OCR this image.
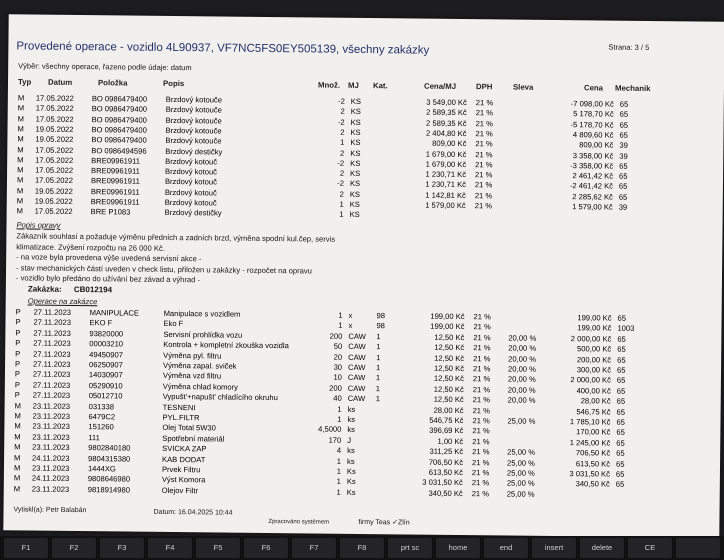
Provedené operace - vozidlo 4L90937, VF7NC5FS0EY505139, všechny zakázky	Strana: 3 / 5
Výběr: všechny operace, řazeno podle údaje: datum
Typ Datum	Položka	Popis	Množ. MJ Kat.	Cena/MJ	DPH	Sleva	Cena Mechanik
M 17.05.2022 BO 0986479400 Brzdový kotouče	-2 KS	3 549,00 Kč 21 %	-7 098,00 Kč 65
M 17.05.2022 BO 0986479400 Brzdový kotouče	2 KS	2 589,35 Kč 21 %	5 178,70 Kč 65
M 17.05.2022 BO 0986479400 Brzdový kotouče	-2 KS	2 589,35 Kč 21 %	-5 178,70 Kč 65
M 19.05.2022 BO 0986479400 Brzdový kotouče	2 KS	2 404,80 Kč 21 %	4 809,60 Kč 65
M 19.05.2022 BO 0986479400 Brzdový kotouče	1 KS	809,00 Kč 21 %	809,00 Kč 39
M 17.05.2022 BO 0986494596 Brzdový destičky	2 KS	1 679,00 Kč 21 %	3 358,00 Kč 39
M 17.05.2022 BRE09961911	Brzdový kotouč	-2 KS	1 679,00 Kč 21 %	-3 358,00 Kč 65
M 17.05.2022 BRE09961911	Brzdový kotouč	2 KS	1 230,71 Kč 21 %	2 461,42 Kč 65
M 17.05.2022 BRE09961911	Brzdový kotouč	-2 KS	1 230,71 Kč 21 %	-2 461,42 Kč 65
M 19.05.2022 BRE09961911	Brzdový kotouč	2 KS	1 142,81 Kč 21 %	2 285,62 Kč 65
M 19.05.2022 BRE09961911	Brzdový kotouč	1 KS	1 579,00 Kč 21 %	1 579,00 Kč 39
M 17.05.2022 BRE P1083	Brzdový destičky	1 KS
Popis opravy
Zákazník souhlasí a požaduje výměnu předních a zadních brzd, výměna spodní kul.čep, servis
klimatizace. Zvýšení rozpočtu na 26 000 Kč.
- na voze byla provedena výše uvedená servisní akce -
- stav mechanických částí uveden v check listu, přiložen u zakázky - rozpočet na opravu
- vozidlo bylo předáno do užívání bez závad a výhrad -
Zakázka: CB012194
Operace na zakázce
P 27.11.2023 MANIPULACE	Manipulace s vozidlem	1 x	98	199,00 Kč 21 %	199,00 Kč 65
P 27.11.2023 EKO F	Eko F	1 x	98	199,00 Kč 21 %	199,00 Kč 1003
P 27.11.2023 93820000	Servisní prohlídka vozu	200 CAW 1	12,50 Kč 21 % 20,00 %	2 000,00 Kč 65
P 27.11.2023 00003210	Kontrola + kompletní zkouška vozidla	50 CAW 1	12,50 Kč 21 % 20,00 %	500,00 Kč 65
P 27.11.2023 49450907	Výměna pyl. filtru	20 CAW 1	12,50 Kč 21 % 20,00 %	200,00 Kč 65
P 27.11.2023 06250907	Výměna zapal. sviček	30 CAW 1	12,50 Kč 21 % 20,00 %	300,00 Kč 65
P 27.11.2023 14030907	Výměna vzd filtru	10 CAW 1	12,50 Kč 21 % 20,00 %	2 000,00 Kč 65
P 27.11.2023 05290910	Výměna chlad komory	200 CAW 1	12,50 Kč 21 % 20,00 %	400,00 Kč 65
P 27.11.2023 05012710	Vypušt'+napušt' chladícího okruhu	40 CAW 1	12,50 Kč 21 % 20,00 %	28,00 Kč 65
M 23.11.2023 031338	TESNENI	1 ks	28,00 Kč 21 %	546,75 Kč 65
M 23.11.2023 6479C2	PYL.FILTR	1 ks	546,75 Kč 21 % 25,00 %	1 785,10 Kč 65
M 23.11.2023 151260	Olej Total 5W30	4,5000 ks	396,69 Kč 21 %	170,00 Kč 65
M 23.11.2023 111	Spotřební materiál	170 J	1,00 Kč 21 %	1 245,00 Kč 65
M 23.11.2023 9802840180	SVICKA ZAP	4 ks	311,25 Kč 21 % 25,00 %	706,50 Kč 65
M 24.11.2023 9804315380	KAB DODAT	1 ks	706,50 Kč 21 % 25,00 %	613,50 Kč 65
M 23.11.2023 1444XG	Prvek Filtru	1 Ks	613,50 Kč 21 % 25,00 %	3 031,50 Kč 65
M 24.11.2023 9808646980	Výst Komora	1 Ks	3 031,50 Kč 21 % 25,00 %	340,50 Kč 65
M 23.11.2023 9818914980	Olejov Filtr	1 Ks	340,50 Kč 21 % 25,00 %
Vytiskl(a): Petr Balabán	Datum: 16.04.2025 10:44
Zpracováno systémem	firmy Teas ✓Zlín
F1	F2	F3	F4	F5	F6	F7	F8	prt sc	home	end	insert	delete	CE
